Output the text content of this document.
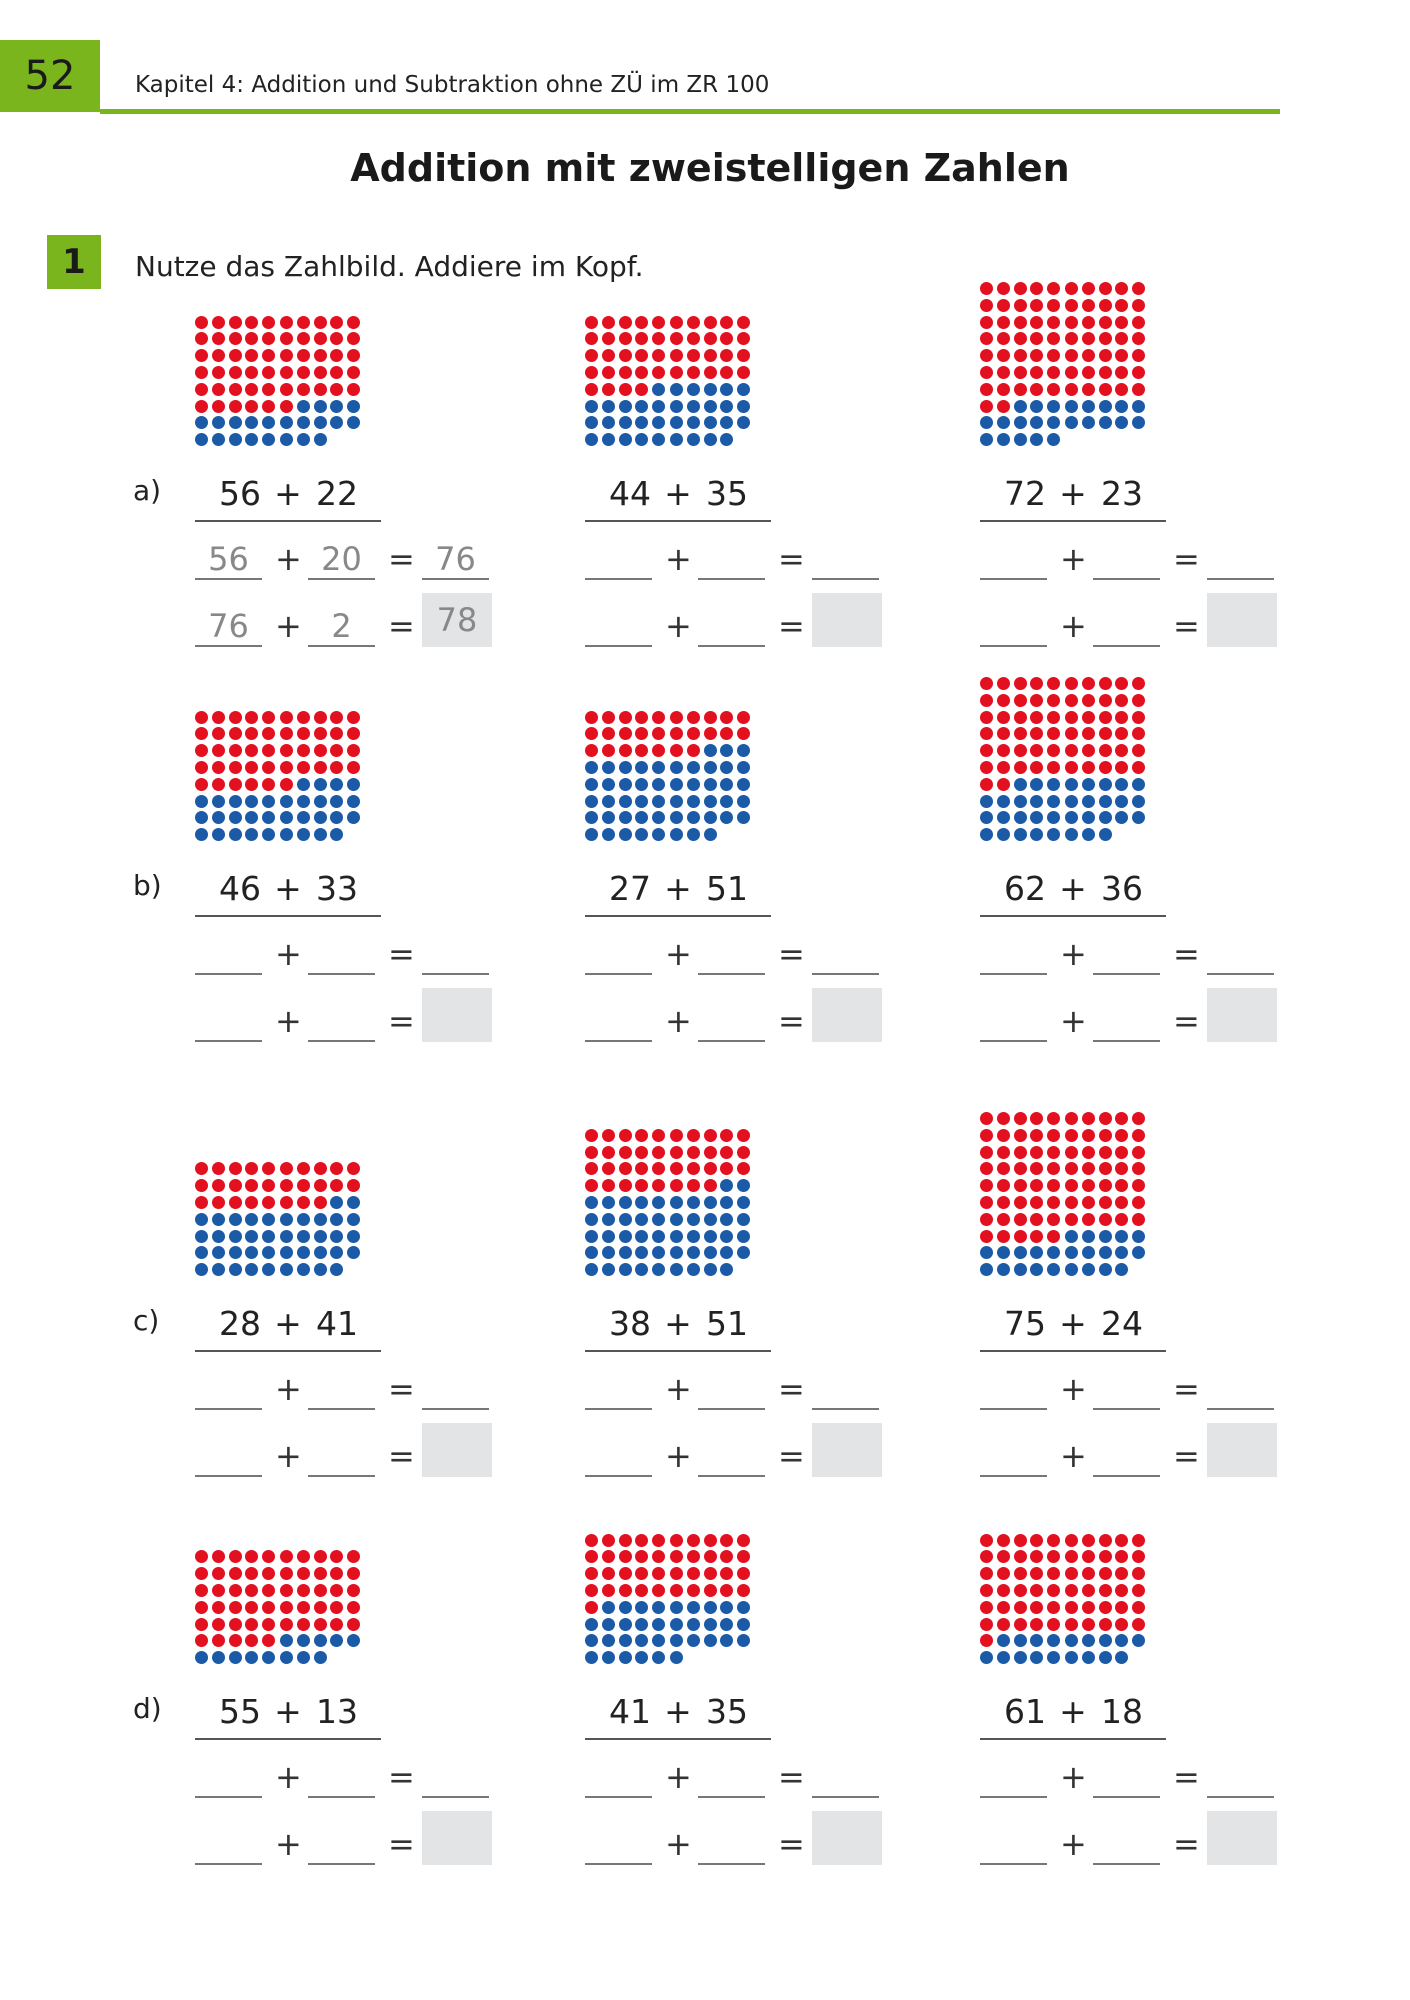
52	Kapitel 4: Addition und Subtraktion ohne ZÜ im ZR 100
Addition mit zweistelligen Zahlen
1	Nutze das Zahlbild. Addiere im Kopf.
a) 56 + 22
56 + 20 = 76
76 + 2	= 78
44 + 35
+	=
+	=
72 + 23
+	=
+	=
b) 46 + 33
+	=
+	=
27 + 51
+	=
+	=
62 + 36
+	=
+	=
c) 28 + 41
+	=
+	=
38 + 51
+	=
+	=
75 + 24
+	=
+	=
d) 55 + 13
+	=
+	=
41 + 35
+	=
+	=
61 + 18
+	=
+	=
